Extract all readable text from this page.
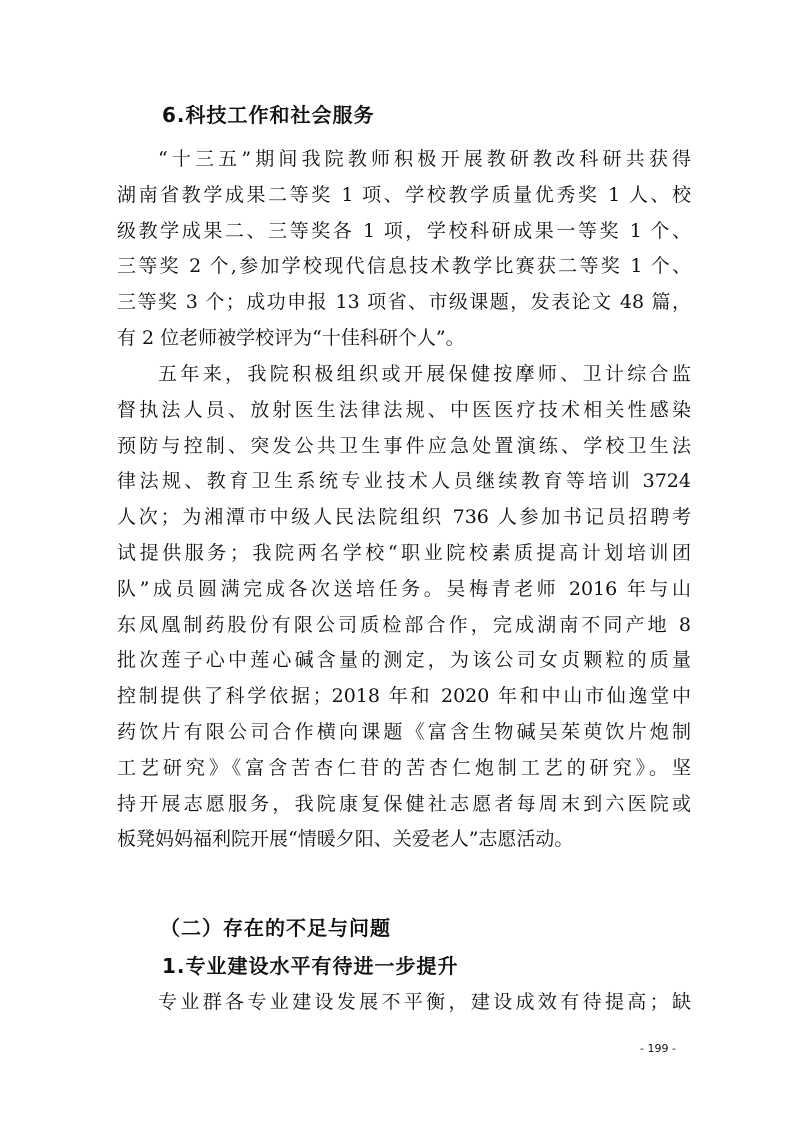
6.科技工作和社会服务
“十三五”期间我院教师积极开展教研教改科研共获得
湖南省教学成果二等奖 1 项、学校教学质量优秀奖 1 人、校
级教学成果二、三等奖各 1 项，学校科研成果一等奖 1 个、
三等奖 2 个,参加学校现代信息技术教学比赛获二等奖 1 个、
三等奖 3 个；成功申报 13 项省、市级课题，发表论文 48 篇，
有 2 位老师被学校评为“十佳科研个人”。
五年来，我院积极组织或开展保健按摩师、卫计综合监
督执法人员、放射医生法律法规、中医医疗技术相关性感染
预防与控制、突发公共卫生事件应急处置演练、学校卫生法
律法规、教育卫生系统专业技术人员继续教育等培训 3724
人次；为湘潭市中级人民法院组织 736 人参加书记员招聘考
试提供服务；我院两名学校“职业院校素质提高计划培训团
队”成员圆满完成各次送培任务。吴梅青老师 2016 年与山
东凤凰制药股份有限公司质检部合作，完成湖南不同产地 8
批次莲子心中莲心碱含量的测定，为该公司女贞颗粒的质量
控制提供了科学依据；2018 年和 2020 年和中山市仙逸堂中
药饮片有限公司合作横向课题《富含生物碱吴茱萸饮片炮制
工艺研究》《富含苦杏仁苷的苦杏仁炮制工艺的研究》。坚
持开展志愿服务，我院康复保健社志愿者每周末到六医院或
板凳妈妈福利院开展“情暖夕阳、关爱老人”志愿活动。
（二）存在的不足与问题
1.专业建设水平有待进一步提升
专业群各专业建设发展不平衡，建设成效有待提高；缺
- 199 -
